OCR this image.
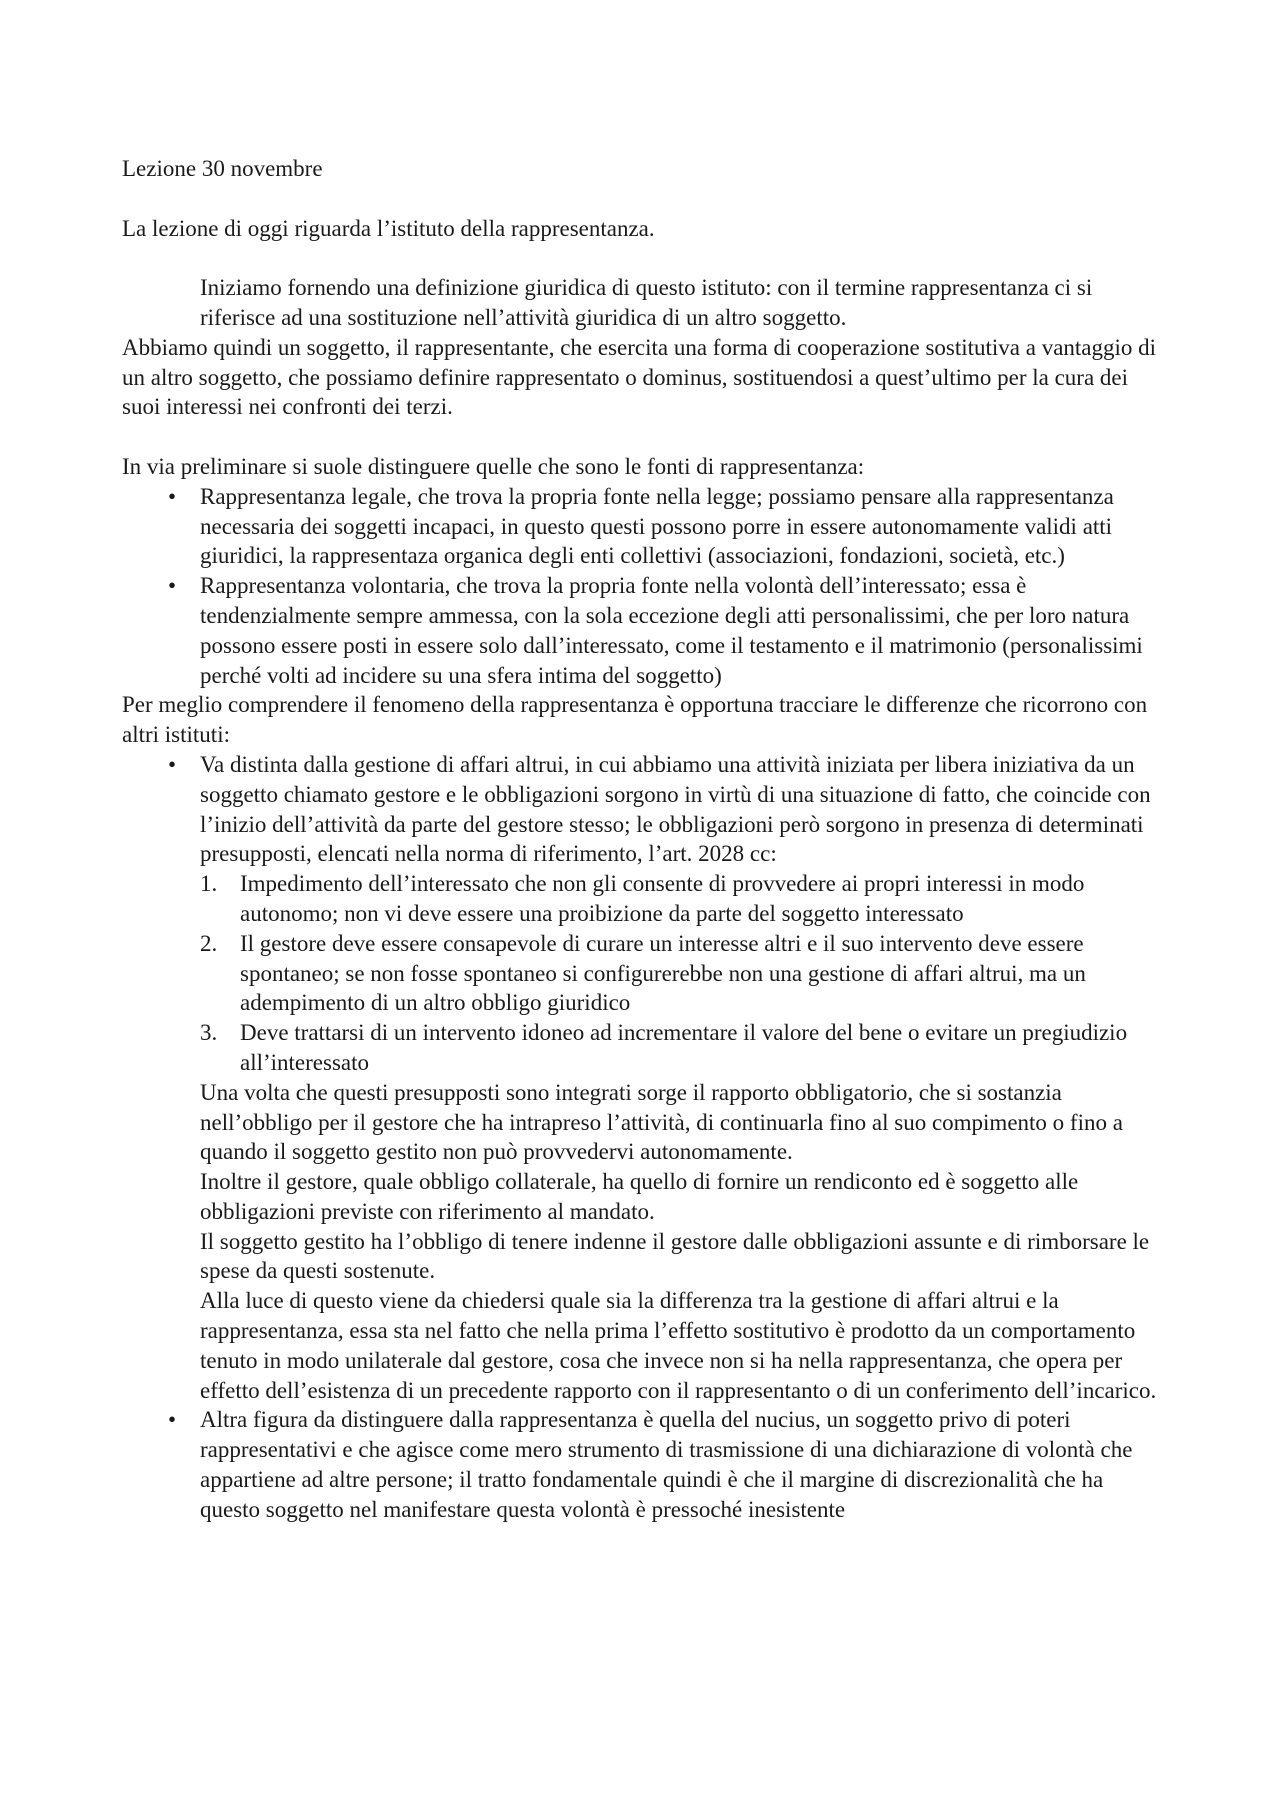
Lezione 30 novembre

La lezione di oggi riguarda l’istituto della rappresentanza.

Iniziamo fornendo una definizione giuridica di questo istituto: con il termine rappresentanza ci si riferisce ad una sostituzione nell’attività giuridica di un altro soggetto.

Abbiamo quindi un soggetto, il rappresentante, che esercita una forma di cooperazione sostitutiva a vantaggio di un altro soggetto, che possiamo definire rappresentato o dominus, sostituendosi a quest’ultimo per la cura dei suoi interessi nei confronti dei terzi.

In via preliminare si suole distinguere quelle che sono le fonti di rappresentanza:

• Rappresentanza legale, che trova la propria fonte nella legge; possiamo pensare alla rappresentanza necessaria dei soggetti incapaci, in questo questi possono porre in essere autonomamente validi atti giuridici, la rappresentaza organica degli enti collettivi (associazioni, fondazioni, società, etc.)
• Rappresentanza volontaria, che trova la propria fonte nella volontà dell’interessato; essa è tendenzialmente sempre ammessa, con la sola eccezione degli atti personalissimi, che per loro natura possono essere posti in essere solo dall’interessato, come il testamento e il matrimonio (personalissimi perché volti ad incidere su una sfera intima del soggetto)

Per meglio comprendere il fenomeno della rappresentanza è opportuna tracciare le differenze che ricorrono con altri istituti:

• Va distinta dalla gestione di affari altrui, in cui abbiamo una attività iniziata per libera iniziativa da un soggetto chiamato gestore e le obbligazioni sorgono in virtù di una situazione di fatto, che coincide con l’inizio dell’attività da parte del gestore stesso; le obbligazioni però sorgono in presenza di determinati presupposti, elencati nella norma di riferimento, l’art. 2028 cc:

1. Impedimento dell’interessato che non gli consente di provvedere ai propri interessi in modo autonomo; non vi deve essere una proibizione da parte del soggetto interessato
2. Il gestore deve essere consapevole di curare un interesse altri e il suo intervento deve essere spontaneo; se non fosse spontaneo si configurerebbe non una gestione di affari altrui, ma un adempimento di un altro obbligo giuridico
3. Deve trattarsi di un intervento idoneo ad incrementare il valore del bene o evitare un pregiudizio all’interessato

Una volta che questi presupposti sono integrati sorge il rapporto obbligatorio, che si sostanzia nell’obbligo per il gestore che ha intrapreso l’attività, di continuarla fino al suo compimento o fino a quando il soggetto gestito non può provvedervi autonomamente.

Inoltre il gestore, quale obbligo collaterale, ha quello di fornire un rendiconto ed è soggetto alle obbligazioni previste con riferimento al mandato.

Il soggetto gestito ha l’obbligo di tenere indenne il gestore dalle obbligazioni assunte e di rimborsare le spese da questi sostenute.

Alla luce di questo viene da chiedersi quale sia la differenza tra la gestione di affari altrui e la rappresentanza, essa sta nel fatto che nella prima l’effetto sostitutivo è prodotto da un comportamento tenuto in modo unilaterale dal gestore, cosa che invece non si ha nella rappresentanza, che opera per effetto dell’esistenza di un precedente rapporto con il rappresentanto o di un conferimento dell’incarico.

• Altra figura da distinguere dalla rappresentanza è quella del nucius, un soggetto privo di poteri rappresentativi e che agisce come mero strumento di trasmissione di una dichiarazione di volontà che appartiene ad altre persone; il tratto fondamentale quindi è che il margine di discrezionalità che ha questo soggetto nel manifestare questa volontà è pressoché inesistente
